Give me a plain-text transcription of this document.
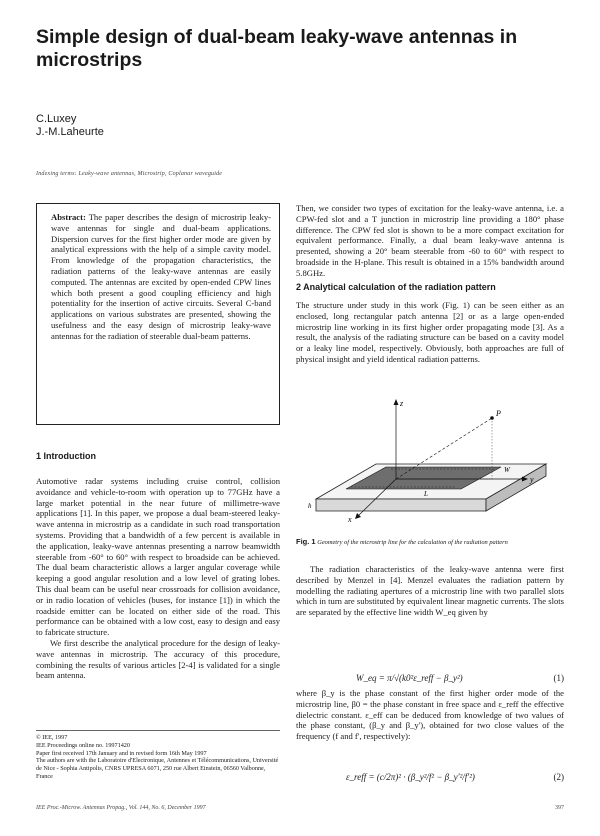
Simple design of dual-beam leaky-wave antennas in microstrips
C.Luxey
J.-M.Laheurte
Indexing terms: Leaky-wave antennas, Microstrip, Coplanar waveguide
Abstract: The paper describes the design of microstrip leaky-wave antennas for single and dual-beam applications. Dispersion curves for the first higher order mode are given by analytical expressions with the help of a simple cavity model. From knowledge of the propagation characteristics, the radiation patterns of the leaky-wave antennas are easily computed. The antennas are excited by open-ended CPW lines which both present a good coupling efficiency and high potentiality for the insertion of active circuits. Several C-band applications on various substrates are presented, showing the usefulness and the easy design of microstrip leaky-wave antennas for the radiation of steerable dual-beam patterns.
1 Introduction

Automotive radar systems including cruise control, collision avoidance and vehicle-to-room with operation up to 77GHz have a large market potential in the near future of millimetre-wave applications [1]. In this paper, we propose a dual beam-steered leaky-wave antenna in microstrip as a candidate in such road transportation systems. Providing that a bandwidth of a few percent is available in the application, leaky-wave antennas presenting a narrow beamwidth steerable from -60° to 60° with respect to broadside can be achieved. The dual beam characteristic allows a larger angular coverage while keeping a good angular resolution and a low level of grating lobes. This dual beam can be useful near crossroads for collision avoidance, or in radio location of vehicles (buses, for instance [1]) in which the roadside emitter can be located on either side of the road. This performance can be obtained with a low cost, easy to design and easy to fabricate structure.

We first describe the analytical procedure for the design of leaky-wave antennas in microstrip. The accuracy of this procedure, combining the results of various articles [2-4] is validated for a single beam antenna.

© IEE, 1997
IEE Proceedings online no. 19971420
Paper first received 17th January and in revised form 16th May 1997
The authors are with the Laboratoire d'Electronique, Antennes et Télécommunications, Université de Nice - Sophia Antipolis, CNRS UPRESA 6071, 250 rue Albert Einstein, 06560 Valbonne, France
Then, we consider two types of excitation for the leaky-wave antenna, i.e. a CPW-fed slot and a T junction in microstrip line providing a 180° phase difference. The CPW fed slot is shown to be a more compact excitation for equivalent performance. Finally, a dual beam leaky-wave antenna is presented, showing a 20° beam steerable from -60 to 60° with respect to broadside in the H-plane. This result is obtained in a 15% bandwidth around 5.8GHz.
2 Analytical calculation of the radiation pattern
The structure under study in this work (Fig. 1) can be seen either as an enclosed, long rectangular patch antenna [2] or as a large open-ended microstrip line working in its first higher order propagating mode [3]. As a result, the analysis of the radiating structure can be based on a cavity model or a leaky line model, respectively. Obviously, both approaches are full of physical insight and yield identical radiation patterns.
z
P
y
x
L
W
h
Fig. 1 Geometry of the microstrip line for the calculation of the radiation pattern
The radiation characteristics of the leaky-wave antenna were first described by Menzel in [4]. Menzel evaluates the radiation pattern by modelling the radiating apertures of a microstrip line with two parallel slots which in turn are substituted by equivalent linear magnetic currents. The slots are separated by the effective line width W_eq given by
W_eq = π/√(k0²ε_reff − β_y²)	(1)
where β_y is the phase constant of the first higher order mode of the microstrip line, β0 = the phase constant in free space and ε_reff the effective dielectric constant. ε_eff can be deduced from knowledge of two values of the phase constant, (β_y and β_y'), obtained for two close values of the frequency (f and f', respectively):
ε_reff = (c/2π)² · (β_y²/f² − β_y'²/f'²)	(2)
IEE Proc.-Microw. Antennas Propag., Vol. 144, No. 6, December 1997	397
